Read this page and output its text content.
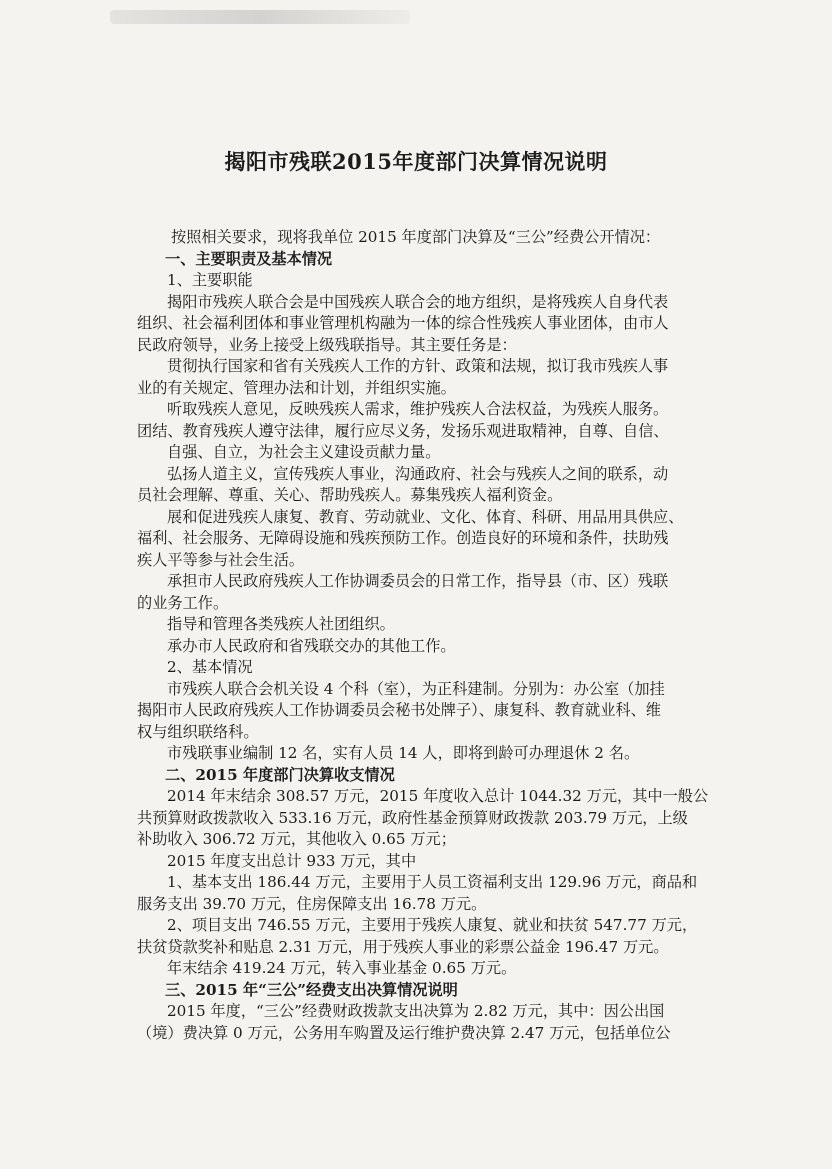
揭阳市残联2015年度部门决算情况说明
按照相关要求，现将我单位 2015 年度部门决算及“三公”经费公开情况：
一、主要职责及基本情况
1、主要职能
揭阳市残疾人联合会是中国残疾人联合会的地方组织，是将残疾人自身代表
组织、社会福利团体和事业管理机构融为一体的综合性残疾人事业团体，由市人
民政府领导，业务上接受上级残联指导。其主要任务是：
贯彻执行国家和省有关残疾人工作的方针、政策和法规，拟订我市残疾人事
业的有关规定、管理办法和计划，并组织实施。
听取残疾人意见，反映残疾人需求，维护残疾人合法权益，为残疾人服务。
团结、教育残疾人遵守法律，履行应尽义务，发扬乐观进取精神，自尊、自信、
自强、自立，为社会主义建设贡献力量。
弘扬人道主义，宣传残疾人事业，沟通政府、社会与残疾人之间的联系，动
员社会理解、尊重、关心、帮助残疾人。募集残疾人福利资金。
展和促进残疾人康复、教育、劳动就业、文化、体育、科研、用品用具供应、
福利、社会服务、无障碍设施和残疾预防工作。创造良好的环境和条件，扶助残
疾人平等参与社会生活。
承担市人民政府残疾人工作协调委员会的日常工作，指导县（市、区）残联
的业务工作。
指导和管理各类残疾人社团组织。
承办市人民政府和省残联交办的其他工作。
2、基本情况
市残疾人联合会机关设 4 个科（室），为正科建制。分别为：办公室（加挂
揭阳市人民政府残疾人工作协调委员会秘书处牌子）、康复科、教育就业科、维
权与组织联络科。
市残联事业编制 12 名，实有人员 14 人，即将到龄可办理退休 2 名。
二、2015 年度部门决算收支情况
2014 年末结余 308.57 万元，2015 年度收入总计 1044.32 万元，其中一般公
共预算财政拨款收入 533.16 万元，政府性基金预算财政拨款 203.79 万元，上级
补助收入 306.72 万元，其他收入 0.65 万元；
2015 年度支出总计 933 万元，其中
1、基本支出 186.44 万元，主要用于人员工资福利支出 129.96 万元，商品和
服务支出 39.70 万元，住房保障支出 16.78 万元。
2、项目支出 746.55 万元，主要用于残疾人康复、就业和扶贫 547.77 万元，
扶贫贷款奖补和贴息 2.31 万元，用于残疾人事业的彩票公益金 196.47 万元。
年末结余 419.24 万元，转入事业基金 0.65 万元。
三、2015 年“三公”经费支出决算情况说明
2015 年度，“三公”经费财政拨款支出决算为 2.82 万元，其中：因公出国
（境）费决算 0 万元，公务用车购置及运行维护费决算 2.47 万元，包括单位公
